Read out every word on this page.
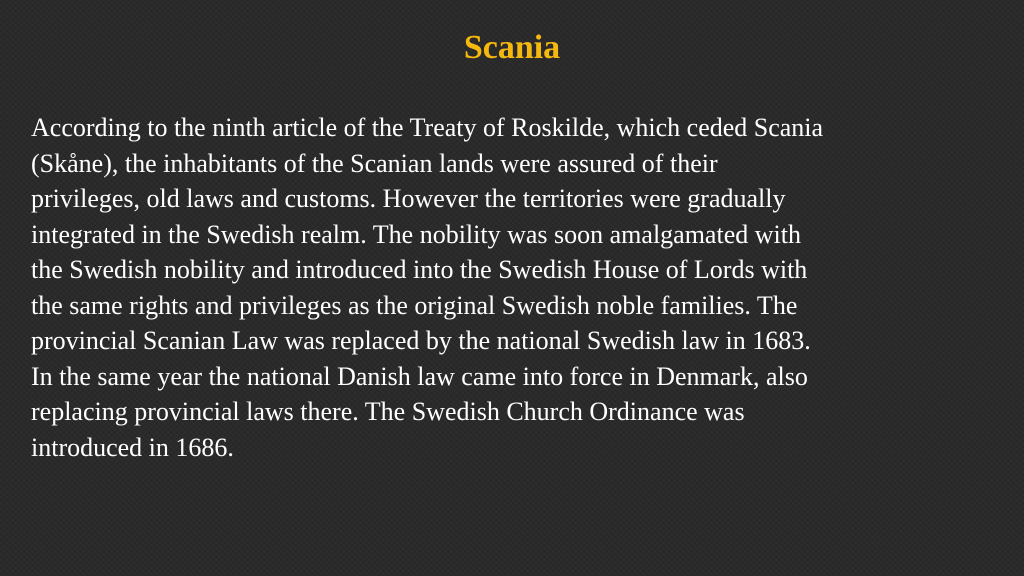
Scania

According to the ninth article of the Treaty of Roskilde, which ceded Scania
(Skåne), the inhabitants of the Scanian lands were assured of their
privileges, old laws and customs. However the territories were gradually
integrated in the Swedish realm. The nobility was soon amalgamated with
the Swedish nobility and introduced into the Swedish House of Lords with
the same rights and privileges as the original Swedish noble families. The
provincial Scanian Law was replaced by the national Swedish law in 1683.
In the same year the national Danish law came into force in Denmark, also
replacing provincial laws there. The Swedish Church Ordinance was
introduced in 1686.
